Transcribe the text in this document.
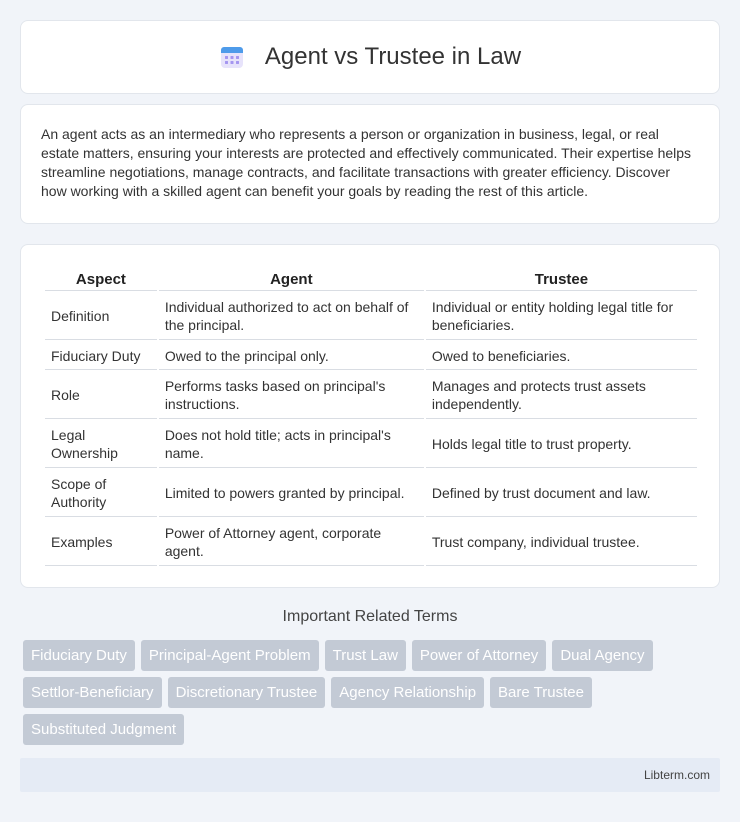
Agent vs Trustee in Law

An agent acts as an intermediary who represents a person or organization in business, legal, or real estate matters, ensuring your interests are protected and effectively communicated. Their expertise helps streamline negotiations, manage contracts, and facilitate transactions with greater efficiency. Discover how working with a skilled agent can benefit your goals by reading the rest of this article.

Aspect	Agent	Trustee
Definition	Individual authorized to act on behalf of the principal.	Individual or entity holding legal title for beneficiaries.
Fiduciary Duty	Owed to the principal only.	Owed to beneficiaries.
Role	Performs tasks based on principal's instructions.	Manages and protects trust assets independently.
Legal Ownership	Does not hold title; acts in principal's name.	Holds legal title to trust property.
Scope of Authority	Limited to powers granted by principal.	Defined by trust document and law.
Examples	Power of Attorney agent, corporate agent.	Trust company, individual trustee.
Important Related Terms
Fiduciary Duty	Principal-Agent Problem	Trust Law	Power of Attorney	Dual Agency
Settlor-Beneficiary	Discretionary Trustee	Agency Relationship	Bare Trustee
Substituted Judgment
Libterm.com
